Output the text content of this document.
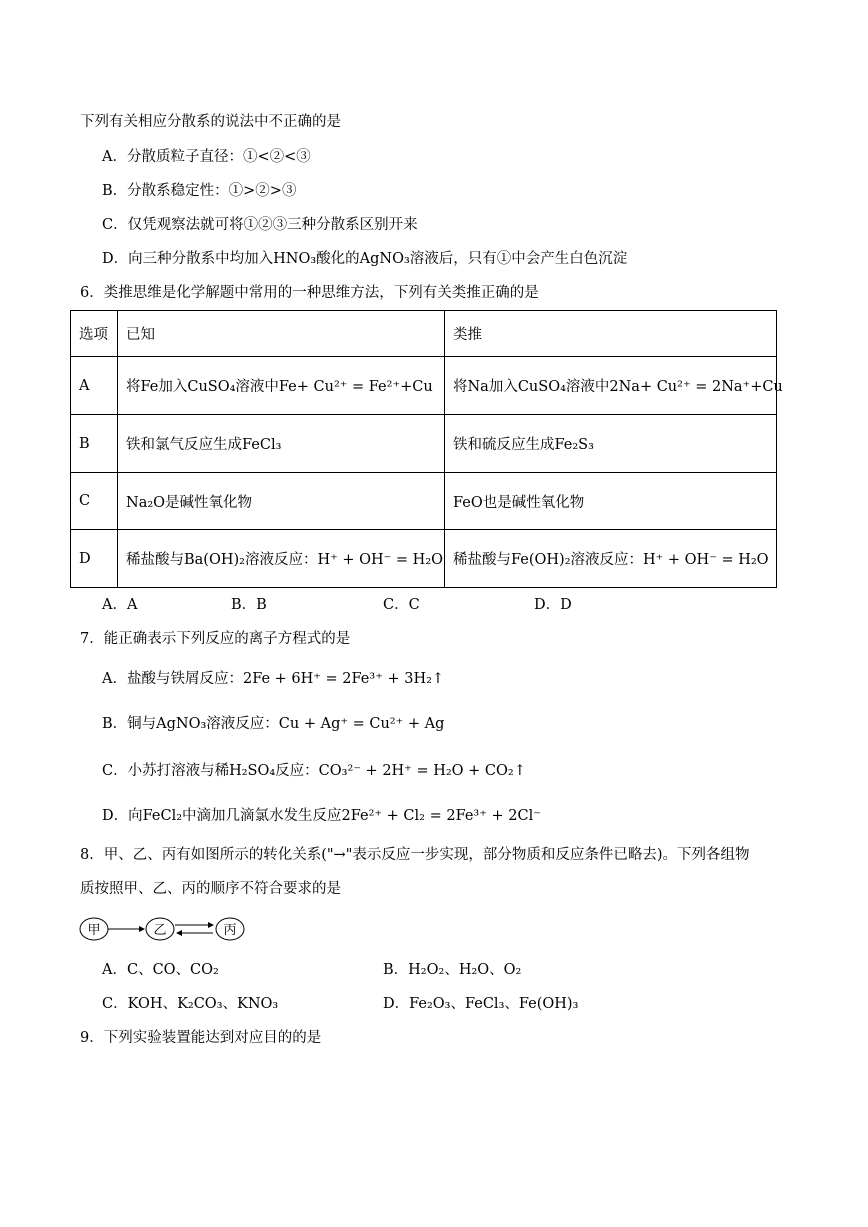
下列有关相应分散系的说法中不正确的是
A．分散质粒子直径：①<②<③
B．分散系稳定性：①>②>③
C．仅凭观察法就可将①②③三种分散系区别开来
D．向三种分散系中均加入HNO₃酸化的AgNO₃溶液后，只有①中会产生白色沉淀
6．类推思维是化学解题中常用的一种思维方法，下列有关类推正确的是
选项	已知	类推
A	将Fe加入CuSO₄溶液中Fe+ Cu²⁺ = Fe²⁺+Cu	将Na加入CuSO₄溶液中2Na+ Cu²⁺ = 2Na⁺+Cu
B	铁和氯气反应生成FeCl₃	铁和硫反应生成Fe₂S₃
C	Na₂O是碱性氧化物	FeO也是碱性氧化物
D	稀盐酸与Ba(OH)₂溶液反应：H⁺ + OH⁻ = H₂O	稀盐酸与Fe(OH)₂溶液反应：H⁺ + OH⁻ = H₂O
A．A	B．B	C．C	D．D
7．能正确表示下列反应的离子方程式的是
A．盐酸与铁屑反应：2Fe + 6H⁺ = 2Fe³⁺ + 3H₂↑
B．铜与AgNO₃溶液反应：Cu + Ag⁺ = Cu²⁺ + Ag
C．小苏打溶液与稀H₂SO₄反应：CO₃²⁻ + 2H⁺ = H₂O + CO₂↑
D．向FeCl₂中滴加几滴氯水发生反应2Fe²⁺ + Cl₂ = 2Fe³⁺ + 2Cl⁻
8．甲、乙、丙有如图所示的转化关系("→"表示反应一步实现，部分物质和反应条件已略去)。下列各组物
质按照甲、乙、丙的顺序不符合要求的是
甲	乙	丙
A．C、CO、CO₂	B．H₂O₂、H₂O、O₂
C．KOH、K₂CO₃、KNO₃	D．Fe₂O₃、FeCl₃、Fe(OH)₃
9．下列实验装置能达到对应目的的是
